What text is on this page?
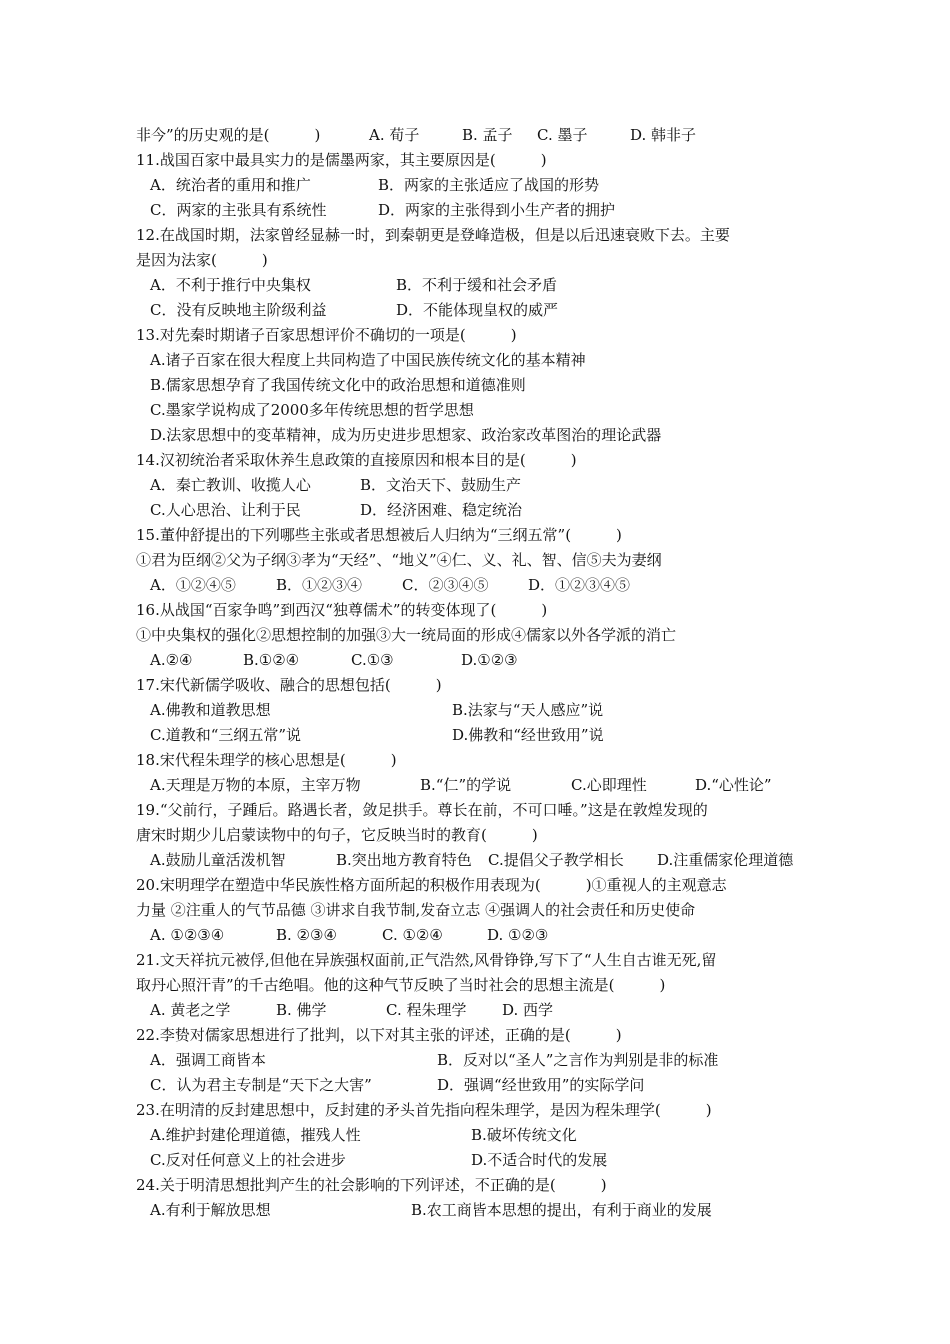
非今”的历史观的是(　　　)	A. 荀子	B. 孟子 C. 墨子	D. 韩非子
11.战国百家中最具实力的是儒墨两家，其主要原因是(　　　)
A．统治者的重用和推广	B．两家的主张适应了战国的形势
C．两家的主张具有系统性	D．两家的主张得到小生产者的拥护
12.在战国时期，法家曾经显赫一时，到秦朝更是登峰造极，但是以后迅速衰败下去。主要
是因为法家(　　　)
A．不利于推行中央集权	B．不利于缓和社会矛盾
C．没有反映地主阶级利益	D．不能体现皇权的威严
13.对先秦时期诸子百家思想评价不确切的一项是(　　　)
A.诸子百家在很大程度上共同构造了中国民族传统文化的基本精神
B.儒家思想孕育了我国传统文化中的政治思想和道德准则
C.墨家学说构成了2000多年传统思想的哲学思想
D.法家思想中的变革精神，成为历史进步思想家、政治家改革图治的理论武器
14.汉初统治者采取休养生息政策的直接原因和根本目的是(　　　)
A．秦亡教训、收揽人心	B．文治天下、鼓励生产
C.人心思治、让利于民	D．经济困难、稳定统治
15.董仲舒提出的下列哪些主张或者思想被后人归纳为“三纲五常”(　　　)
①君为臣纲②父为子纲③孝为“天经”、“地义”④仁、义、礼、智、信⑤夫为妻纲
A．①②④⑤	B．①②③④	C．②③④⑤	D．①②③④⑤
16.从战国“百家争鸣”到西汉“独尊儒术”的转变体现了(　　　)
①中央集权的强化②思想控制的加强③大一统局面的形成④儒家以外各学派的消亡
A.②④	B.①②④	C.①③	D.①②③
17.宋代新儒学吸收、融合的思想包括(　　　)
A.佛教和道教思想	B.法家与“天人感应”说
C.道教和“三纲五常”说	D.佛教和“经世致用”说
18.宋代程朱理学的核心思想是(　　　)
A.天理是万物的本原，主宰万物	B.“仁”的学说	C.心即理性	D.“心性论”
19.“父前行，子踵后。路遇长者，敛足拱手。尊长在前，不可口唾。”这是在敦煌发现的
唐宋时期少儿启蒙读物中的句子，它反映当时的教育(　　　)
A.鼓励儿童活泼机智	B.突出地方教育特色 C.提倡父子教学相长 D.注重儒家伦理道德
20.宋明理学在塑造中华民族性格方面所起的积极作用表现为(　　　)①重视人的主观意志
力量 ②注重人的气节品德 ③讲求自我节制,发奋立志 ④强调人的社会责任和历史使命
A. ①②③④	B. ②③④	C. ①②④	D. ①②③
21.文天祥抗元被俘,但他在异族强权面前,正气浩然,风骨铮铮,写下了“人生自古谁无死,留
取丹心照汗青”的千古绝唱。他的这种气节反映了当时社会的思想主流是(　　　)
A. 黄老之学	B. 佛学	C. 程朱理学 D. 西学
22.李贽对儒家思想进行了批判，以下对其主张的评述，正确的是(　　　)
A．强调工商皆本	B．反对以“圣人”之言作为判别是非的标准
C．认为君主专制是“天下之大害”	D．强调“经世致用”的实际学问
23.在明清的反封建思想中，反封建的矛头首先指向程朱理学，是因为程朱理学(　　　)
A.维护封建伦理道德，摧残人性	B.破坏传统文化
C.反对任何意义上的社会进步	D.不适合时代的发展
24.关于明清思想批判产生的社会影响的下列评述，不正确的是(　　　)
A.有利于解放思想	B.农工商皆本思想的提出，有利于商业的发展
